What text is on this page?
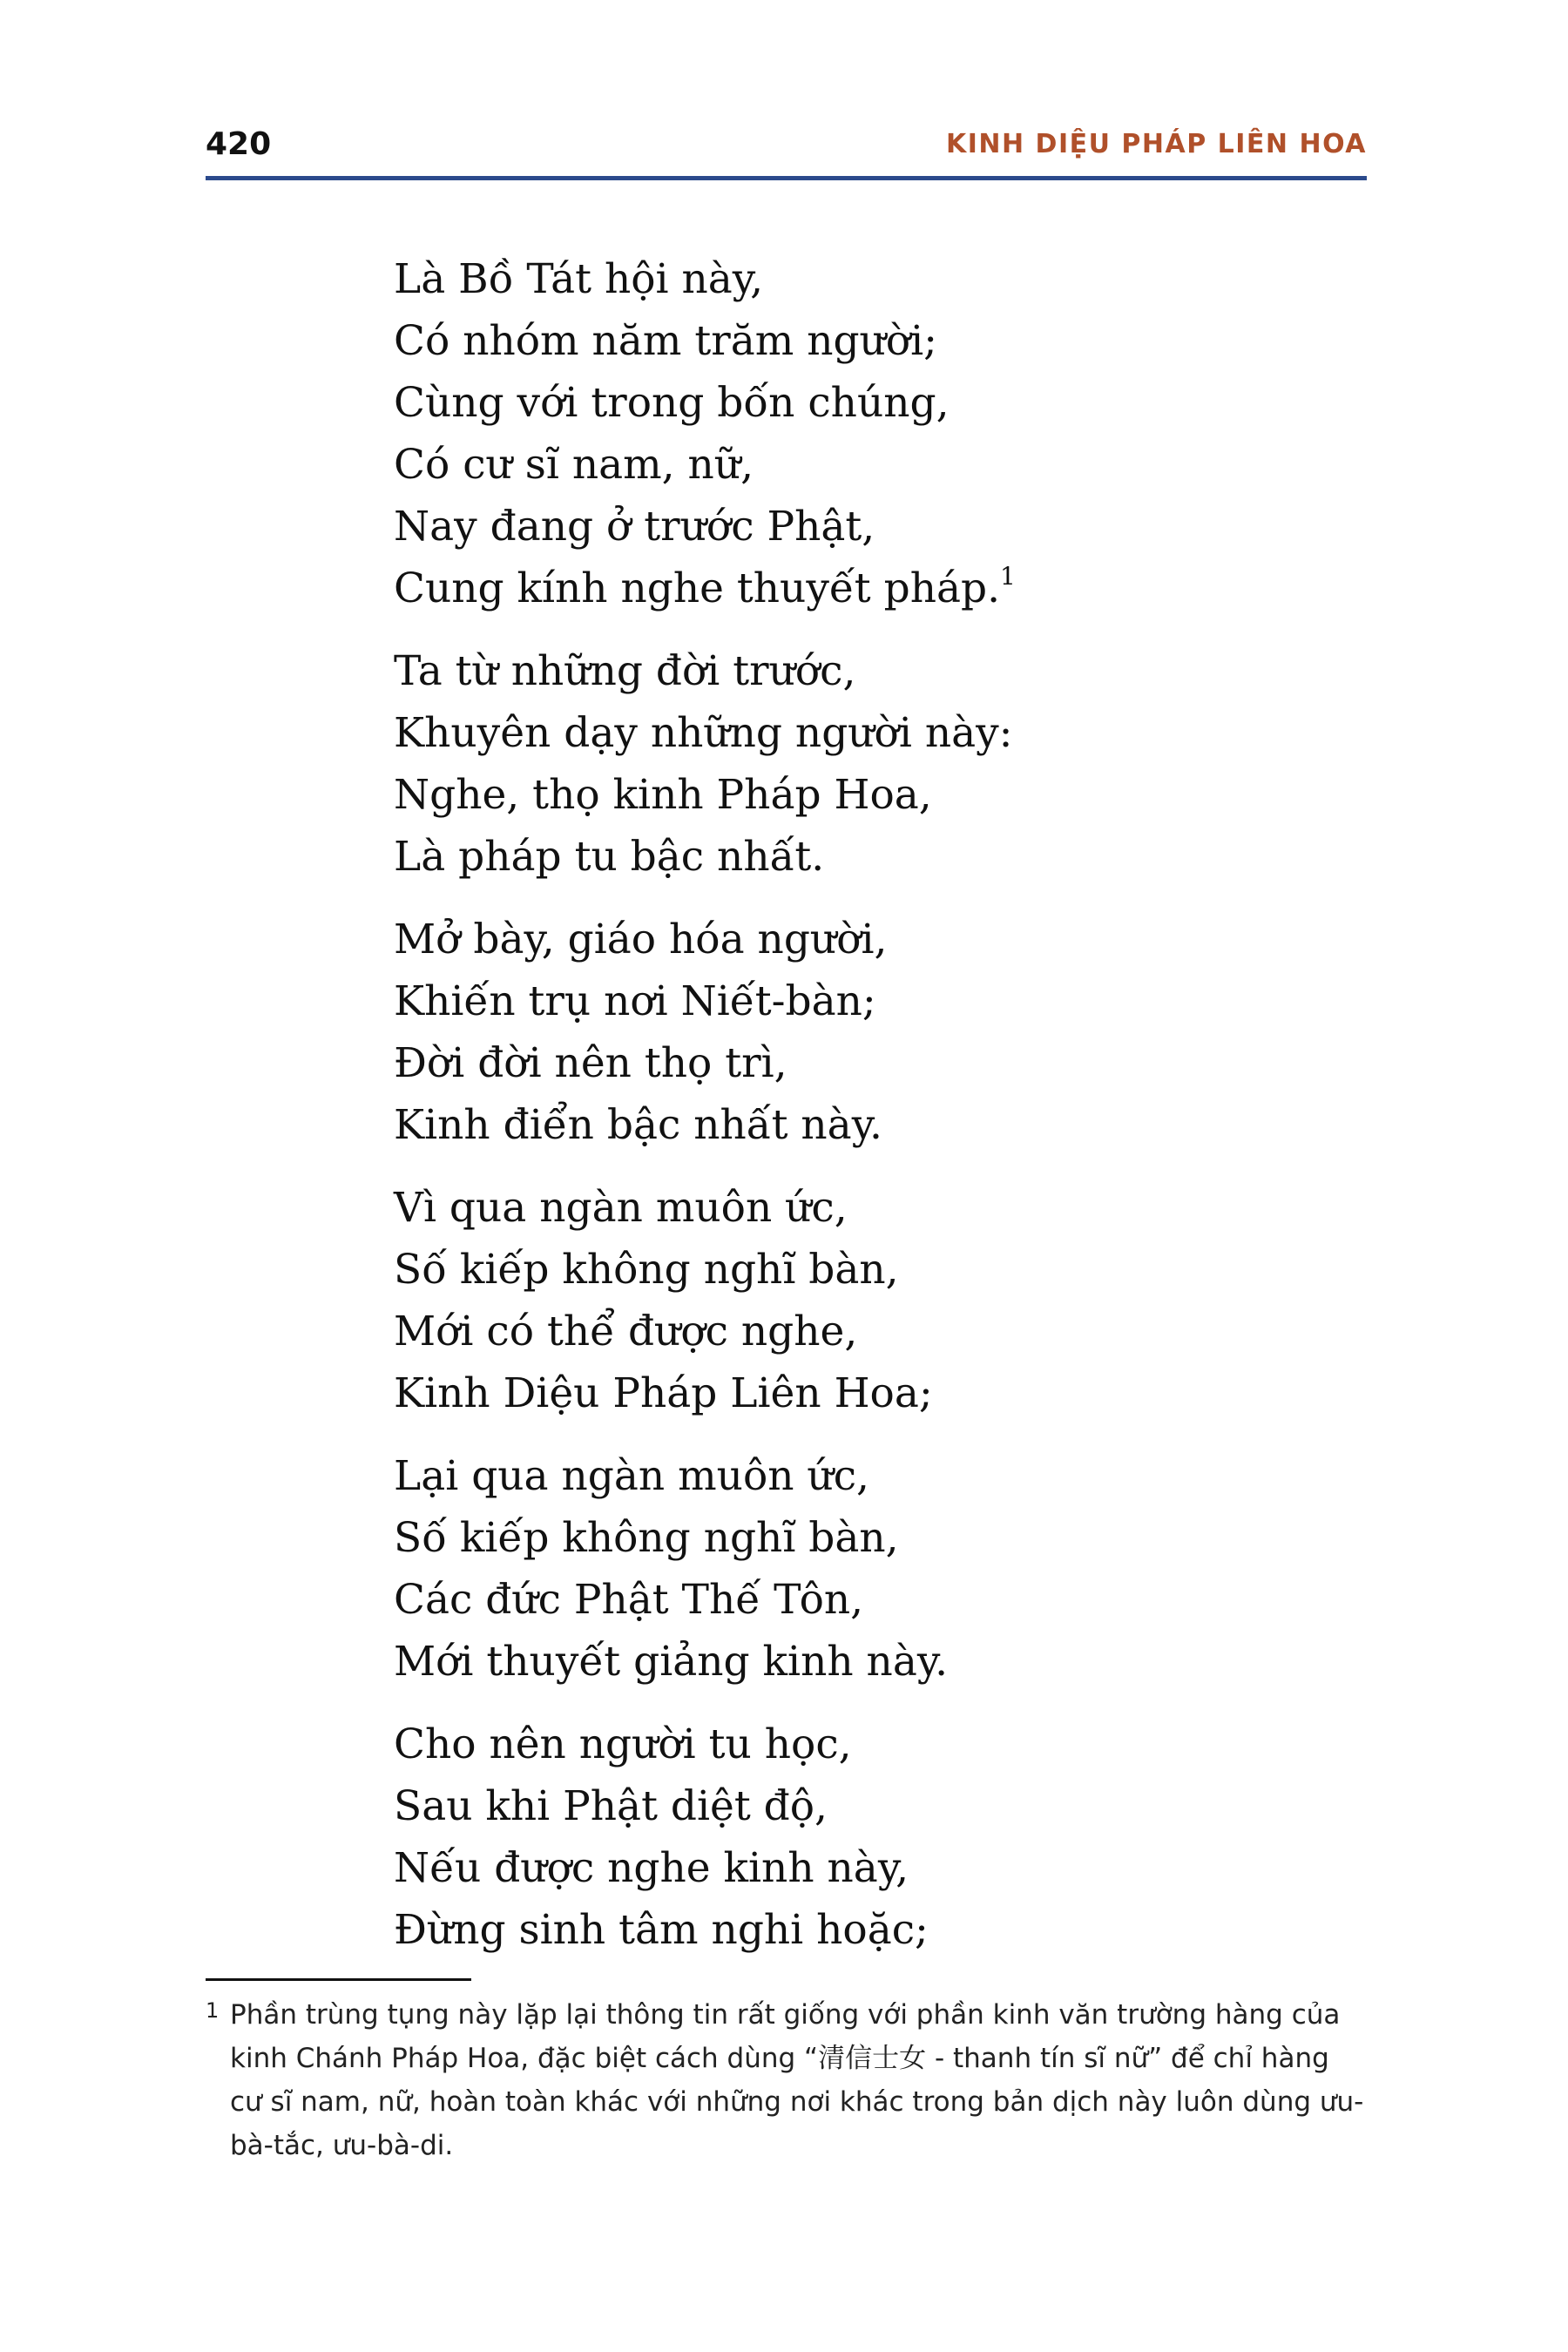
420	KINH DIỆU PHÁP LIÊN HOA
Là Bồ Tát hội này,
Có nhóm năm trăm người;
Cùng với trong bốn chúng,
Có cư sĩ nam, nữ,
Nay đang ở trước Phật,
Cung kính nghe thuyết pháp.$^1$
Ta từ những đời trước,
Khuyên dạy những người này:
Nghe, thọ kinh Pháp Hoa,
Là pháp tu bậc nhất.
Mở bày, giáo hóa người,
Khiến trụ nơi Niết-bàn;
Đời đời nên thọ trì,
Kinh điển bậc nhất này.
Vì qua ngàn muôn ức,
Số kiếp không nghĩ bàn,
Mới có thể được nghe,
Kinh Diệu Pháp Liên Hoa;
Lại qua ngàn muôn ức,
Số kiếp không nghĩ bàn,
Các đức Phật Thế Tôn,
Mới thuyết giảng kinh này.
Cho nên người tu học,
Sau khi Phật diệt độ,
Nếu được nghe kinh này,
Đừng sinh tâm nghi hoặc;
1 Phần trùng tụng này lặp lại thông tin rất giống với phần kinh văn trường hàng của kinh Chánh Pháp Hoa, đặc biệt cách dùng “清信士女 - thanh tín sĩ nữ” để chỉ hàng cư sĩ nam, nữ, hoàn toàn khác với những nơi khác trong bản dịch này luôn dùng ưu-bà-tắc, ưu-bà-di.
